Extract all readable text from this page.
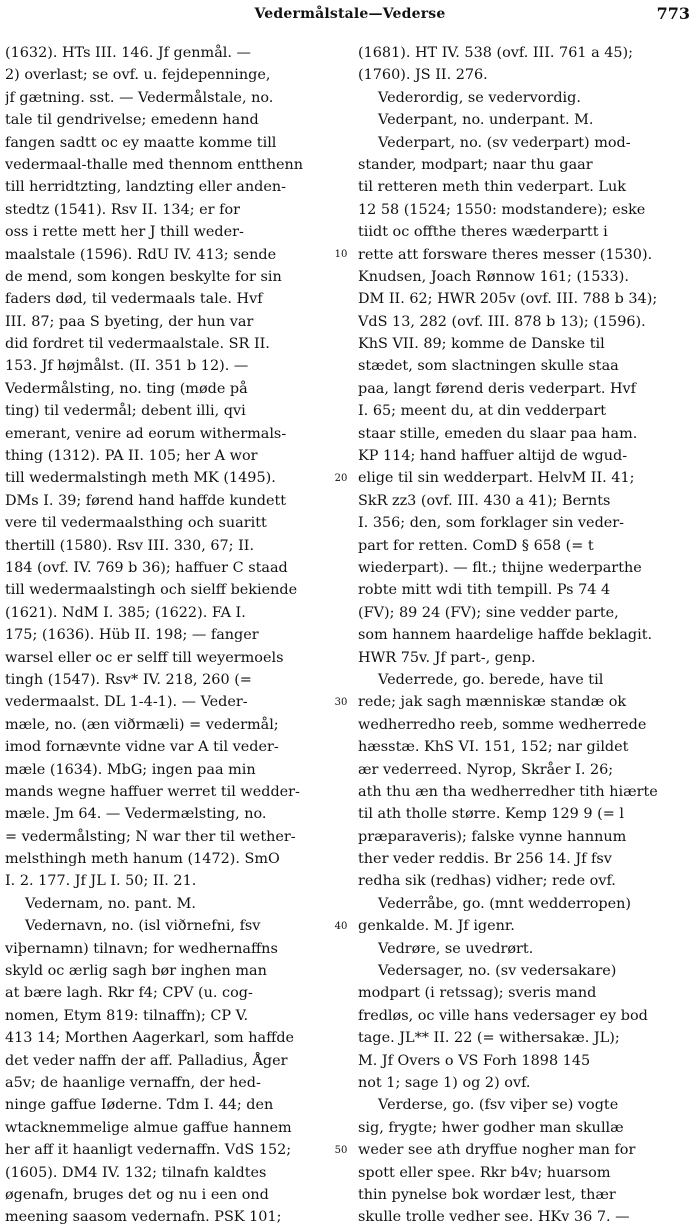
Vedermålstale—Vederse	773
(1632). HTs III. 146. Jf genmål. —
2) overlast; se ovf. u. fejdepenninge,
jf gætning. sst. — Vedermålstale, no.
tale til gendrivelse; emedenn hand
fangen sadtt oc ey maatte komme till
vedermaal-thalle med thennom entthenn
till herridtzting, landzting eller anden-
stedtz (1541). Rsv II. 134; er for
oss i rette mett her J thill weder-
maalstale (1596). RdU IV. 413; sende
de mend, som kongen beskylte for sin
faders død, til vedermaals tale. Hvf
III. 87; paa S byeting, der hun var
did fordret til vedermaalstale. SR II.
153. Jf højmålst. (II. 351 b 12). —
Vedermålsting, no. ting (møde på
ting) til vedermål; debent illi, qvi
emerant, venire ad eorum withermals-
thing (1312). PA II. 105; her A wor
till wedermalstingh meth MK (1495).
DMs I. 39; førend hand haffde kundett
vere til vedermaalsthing och suaritt
thertill (1580). Rsv III. 330, 67; II.
184 (ovf. IV. 769 b 36); haffuer C staad
till wedermaalstingh och sielff bekiende
(1621). NdM I. 385; (1622). FA I.
175; (1636). Hüb II. 198; — fanger
warsel eller oc er selff till weyermoels
tingh (1547). Rsv* IV. 218, 260 (=
vedermaalst. DL 1-4-1). — Veder-
mæle, no. (æn viðrmæli) = vedermål;
imod fornævnte vidne var A til veder-
mæle (1634). MbG; ingen paa min
mands wegne haffuer werret til wedder-
mæle. Jm 64. — Vedermælsting, no.
= vedermålsting; N war ther til wether-
melsthingh meth hanum (1472). SmO
I. 2. 177. Jf JL I. 50; II. 21.
Vedernam, no. pant. M.
Vedernavn, no. (isl viðrnefni, fsv
viþernamn) tilnavn; for wedhernaffns
skyld oc ærlig sagh bør inghen man
at bære lagh. Rkr f4; CPV (u. cog-
nomen, Etym 819: tilnaffn); CP V.
413 14; Morthen Aagerkarl, som haffde
det veder naffn der aff. Palladius, Åger
a5v; de haanlige vernaffn, der hed-
ninge gaffue Iøderne. Tdm I. 44; den
wtacknemmelige almue gaffue hannem
her aff it haanligt vedernaffn. VdS 152;
(1605). DM4 IV. 132; tilnafn kaldtes
øgenafn, bruges det og nu i een ond
meening saasom vedernafn. PSK 101;
(1681). HT IV. 538 (ovf. III. 761 a 45);
(1760). JS II. 276.
Vederordig, se vedervordig.
Vederpant, no. underpant. M.
Vederpart, no. (sv vederpart) mod-
stander, modpart; naar thu gaar
til retteren meth thin vederpart. Luk
12 58 (1524; 1550: modstandere); eske
tiidt oc offthe theres wæderpartt i
rette att forsware theres messer (1530).
Knudsen, Joach Rønnow 161; (1533).
DM II. 62; HWR 205v (ovf. III. 788 b 34);
VdS 13, 282 (ovf. III. 878 b 13); (1596).
KhS VII. 89; komme de Danske til
stædet, som slactningen skulle staa
paa, langt førend deris vederpart. Hvf
I. 65; meent du, at din vedderpart
staar stille, emeden du slaar paa ham.
KP 114; hand haffuer altijd de wgud-
elige til sin wedderpart. HelvM II. 41;
SkR zz3 (ovf. III. 430 a 41); Bernts
I. 356; den, som forklager sin veder-
part for retten. ComD § 658 (= t
wiederpart). — flt.; thijne wederparthe
robte mitt wdi tith tempill. Ps 74 4
(FV); 89 24 (FV); sine vedder parte,
som hannem haardelige haffde beklagit.
HWR 75v. Jf part-, genp.
Vederrede, go. berede, have til
rede; jak sagh mænniskæ standæ ok
wedherredho reeb, somme wedherrede
hæsstæ. KhS VI. 151, 152; nar gildet
ær vederreed. Nyrop, Skråer I. 26;
ath thu æn tha wedherredher tith hiærte
til ath tholle større. Kemp 129 9 (= l
præparaveris); falske vynne hannum
ther veder reddis. Br 256 14. Jf fsv
redha sik (redhas) vidher; rede ovf.
Vederråbe, go. (mnt wedderropen)
genkalde. M. Jf igenr.
Vedrøre, se uvedrørt.
Vedersager, no. (sv vedersakare)
modpart (i retssag); sveris mand
fredløs, oc ville hans vedersager ey bod
tage. JL** II. 22 (= withersakæ. JL);
M. Jf Overs o VS Forh 1898 145
not 1; sage 1) og 2) ovf.
Verderse, go. (fsv viþer se) vogte
sig, frygte; hwer godher man skullæ
weder see ath dryffue nogher man for
spott eller spee. Rkr b4v; huarsom
thin pynelse bok wordær lest, thær
skulle trolle vedher see. HKv 36 7. —
10
20
30
40
50
